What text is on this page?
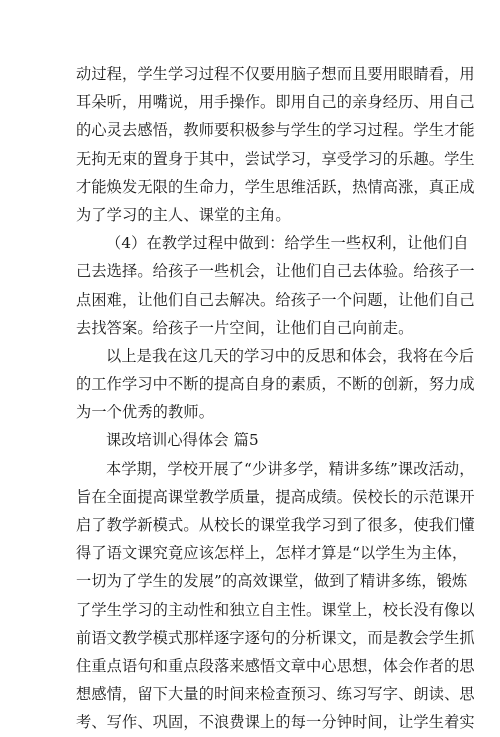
动过程，学生学习过程不仅要用脑子想而且要用眼睛看，用
耳朵听，用嘴说，用手操作。即用自己的亲身经历、用自己
的心灵去感悟，教师要积极参与学生的学习过程。学生才能
无拘无束的置身于其中，尝试学习，享受学习的乐趣。学生
才能焕发无限的生命力，学生思维活跃，热情高涨，真正成
为了学习的主人、课堂的主角。
（4）在教学过程中做到：给学生一些权利，让他们自
己去选择。给孩子一些机会，让他们自己去体验。给孩子一
点困难，让他们自己去解决。给孩子一个问题，让他们自己
去找答案。给孩子一片空间，让他们自己向前走。
以上是我在这几天的学习中的反思和体会，我将在今后
的工作学习中不断的提高自身的素质，不断的创新，努力成
为一个优秀的教师。
课改培训心得体会 篇5
本学期，学校开展了“少讲多学，精讲多练”课改活动，
旨在全面提高课堂教学质量，提高成绩。侯校长的示范课开
启了教学新模式。从校长的课堂我学习到了很多，使我们懂
得了语文课究竟应该怎样上，怎样才算是“以学生为主体，
一切为了学生的发展”的高效课堂，做到了精讲多练，锻炼
了学生学习的主动性和独立自主性。课堂上，校长没有像以
前语文教学模式那样逐字逐句的分析课文，而是教会学生抓
住重点语句和重点段落来感悟文章中心思想，体会作者的思
想感情，留下大量的时间来检查预习、练习写字、朗读、思
考、写作、巩固，不浪费课上的每一分钟时间，让学生着实
